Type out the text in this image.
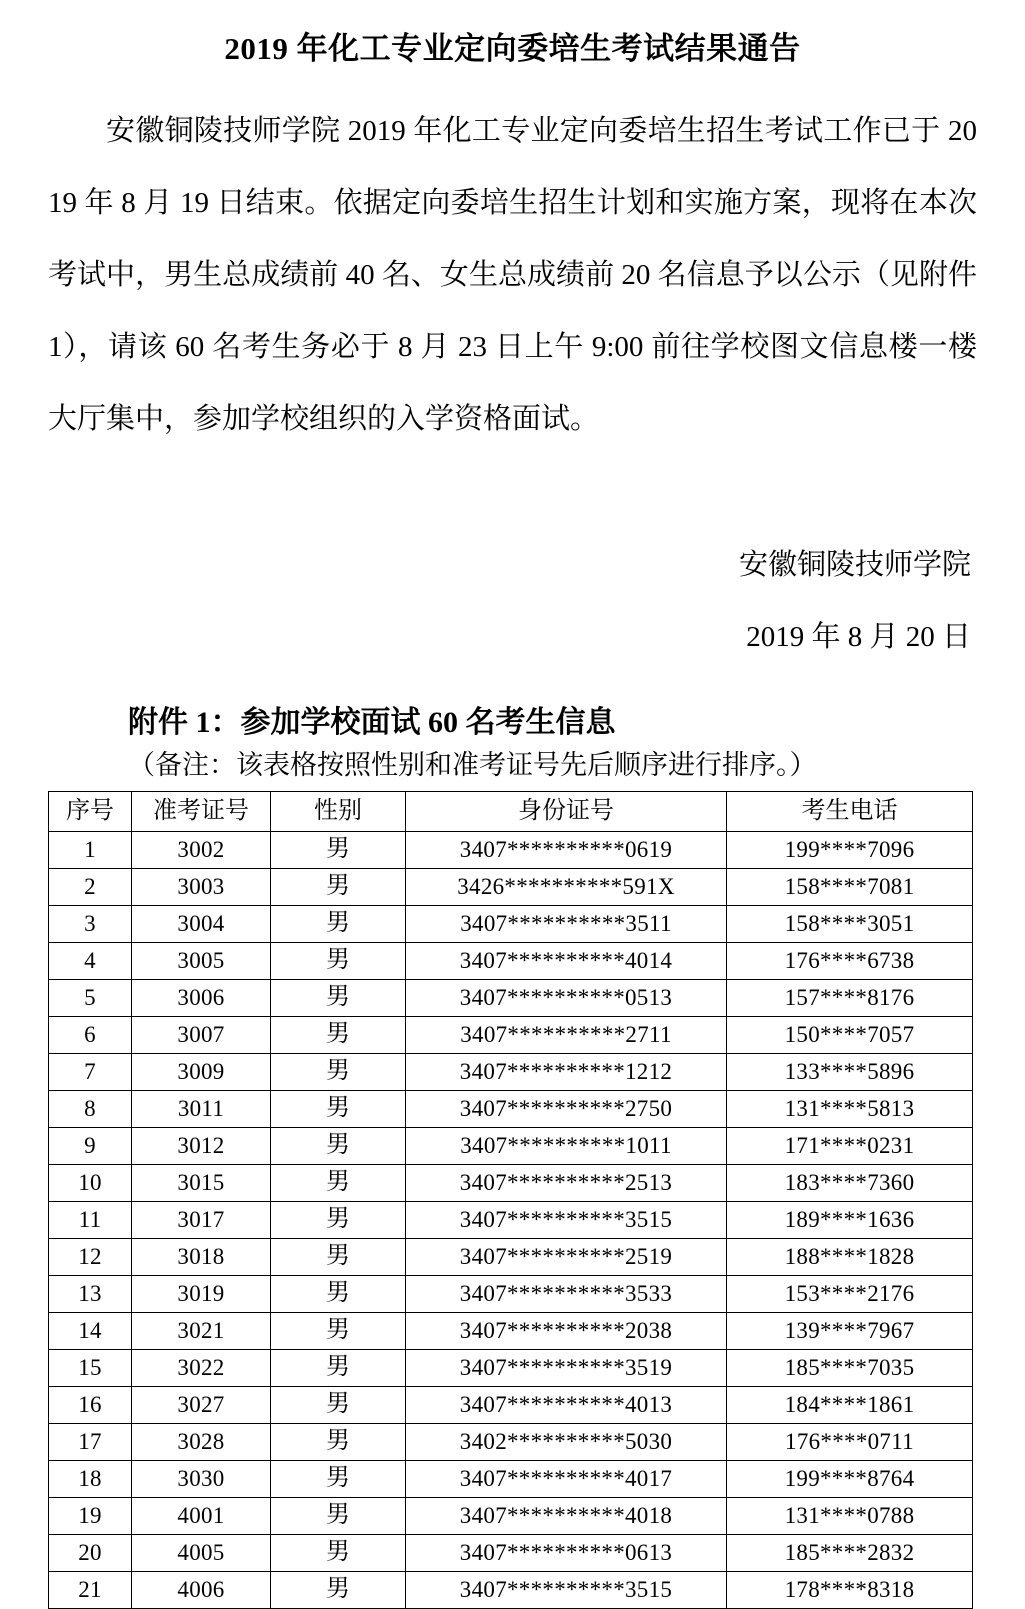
2019 年化工专业定向委培生考试结果通告

安徽铜陵技师学院 2019 年化工专业定向委培生招生考试工作已于 2019 年 8 月 19 日结束。依据定向委培生招生计划和实施方案，现将在本次考试中，男生总成绩前 40 名、女生总成绩前 20 名信息予以公示（见附件 1），请该 60 名考生务必于 8 月 23 日上午 9:00 前往学校图文信息楼一楼大厅集中，参加学校组织的入学资格面试。

安徽铜陵技师学院
2019 年 8 月 20 日
附件 1：参加学校面试 60 名考生信息

（备注：该表格按照性别和准考证号先后顺序进行排序。）

序号	准考证号	性别	身份证号	考生电话
1	3002	男	3407**********0619	199****7096
2	3003	男	3426**********591X	158****7081
3	3004	男	3407**********3511	158****3051
4	3005	男	3407**********4014	176****6738
5	3006	男	3407**********0513	157****8176
6	3007	男	3407**********2711	150****7057
7	3009	男	3407**********1212	133****5896
8	3011	男	3407**********2750	131****5813
9	3012	男	3407**********1011	171****0231
10	3015	男	3407**********2513	183****7360
11	3017	男	3407**********3515	189****1636
12	3018	男	3407**********2519	188****1828
13	3019	男	3407**********3533	153****2176
14	3021	男	3407**********2038	139****7967
15	3022	男	3407**********3519	185****7035
16	3027	男	3407**********4013	184****1861
17	3028	男	3402**********5030	176****0711
18	3030	男	3407**********4017	199****8764
19	4001	男	3407**********4018	131****0788
20	4005	男	3407**********0613	185****2832
21	4006	男	3407**********3515	178****8318
